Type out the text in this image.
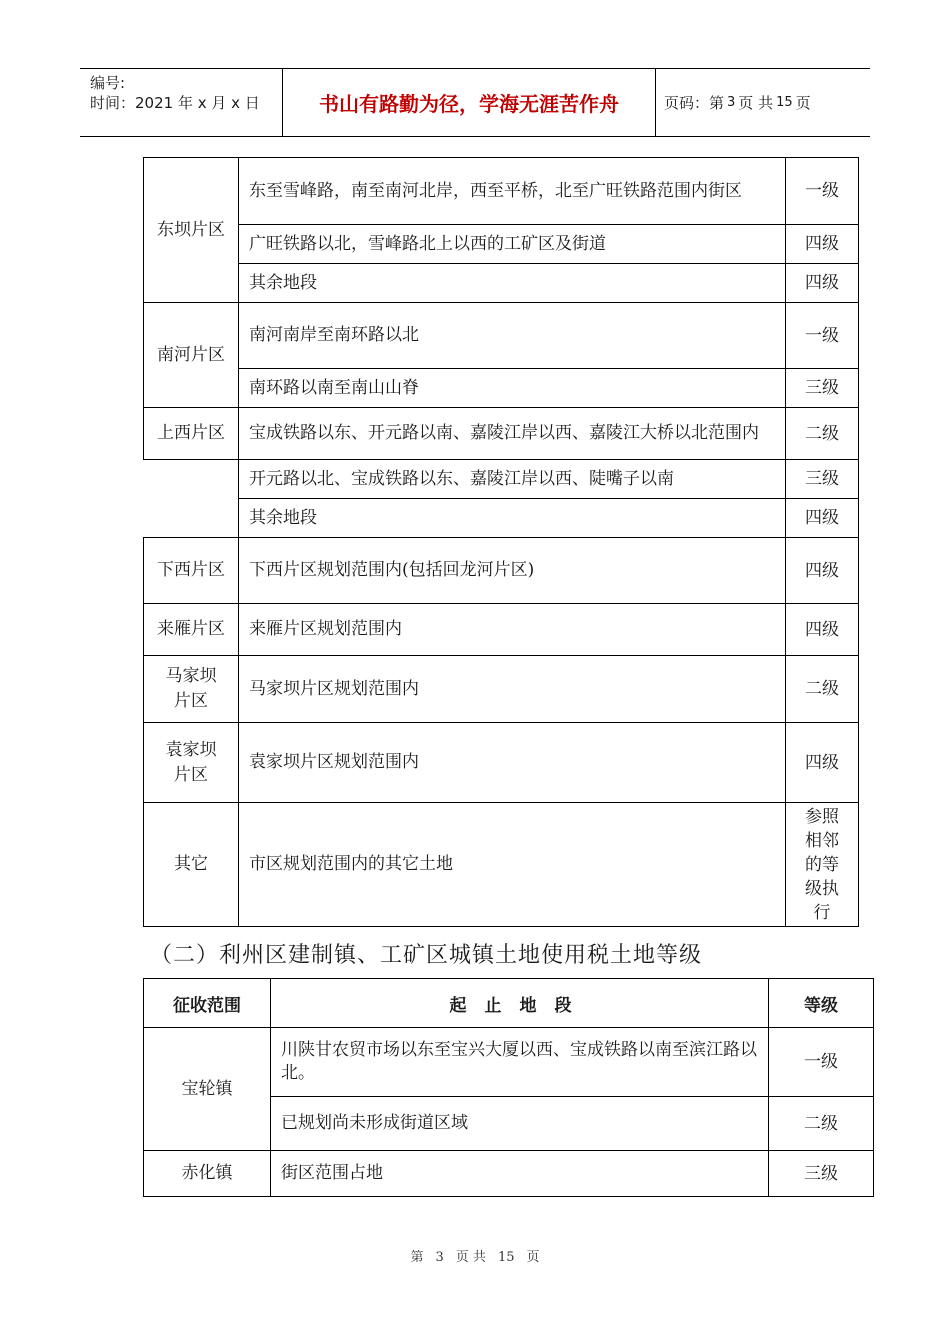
编号:
时间：2021 年 x 月 x 日	书山有路勤为径，学海无涯苦作舟	页码：第 3 页 共 15 页
东坝片区	东至雪峰路，南至南河北岸，西至平桥，北至广旺铁路范围内街区	一级
	广旺铁路以北，雪峰路北上以西的工矿区及街道	四级
	其余地段	四级
南河片区	南河南岸至南环路以北	一级
	南环路以南至南山山脊	三级
上西片区	宝成铁路以东、开元路以南、嘉陵江岸以西、嘉陵江大桥以北范围内	二级
	开元路以北、宝成铁路以东、嘉陵江岸以西、陡嘴子以南	三级
	其余地段	四级
下西片区	下西片区规划范围内(包括回龙河片区)	四级
来雁片区	来雁片区规划范围内	四级
马家坝片区	马家坝片区规划范围内	二级
袁家坝片区	袁家坝片区规划范围内	四级
其它	市区规划范围内的其它土地	参照相邻的等级执行
（二）利州区建制镇、工矿区城镇土地使用税土地等级
征收范围	起止地段	等级
宝轮镇	川陕甘农贸市场以东至宝兴大厦以西、宝成铁路以南至滨江路以北。	一级
	已规划尚未形成街道区域	二级
赤化镇	街区范围占地	三级
第 3 页 共 15 页
